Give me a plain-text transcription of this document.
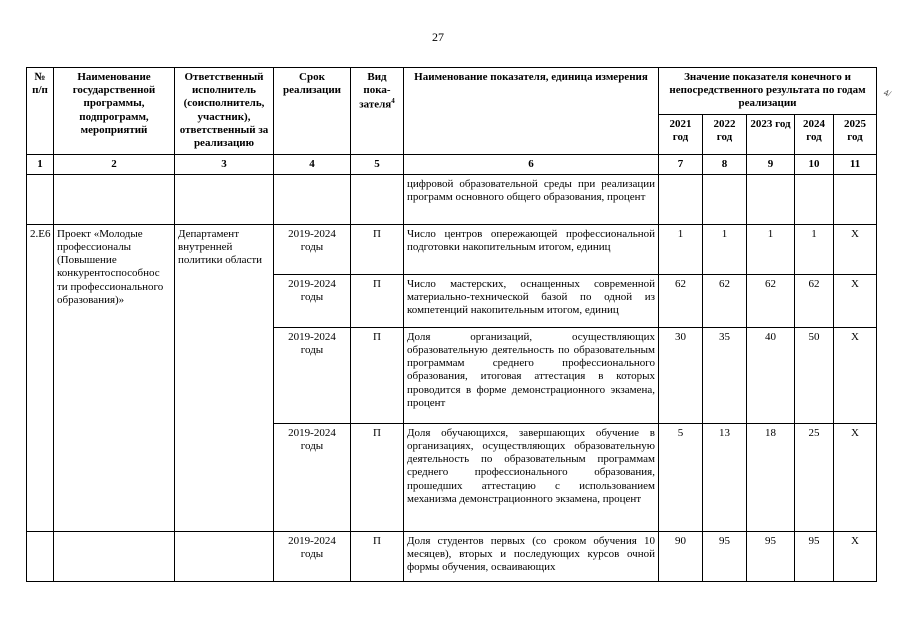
27
4/
№ п/п	Наименование государственной программы, подпрограмм, мероприятий	Ответственный исполнитель (соисполнитель, участник), ответственный за реализацию	Срок реализации	Вид пока-зателя$^4$	Наименование показателя, единица измерения	Значение показателя конечного и непосредственного результата по годам реализации				
						2021 год	2022 год	2023 год	2024 год	2025 год
1	2	3	4	5	6	7	8	9	10	11
					цифровой образовательной среды при реализации программ основного общего образования, процент					
2.Е6	Проект «Молодые профессионалы (Повышение конкурентоспособнос ти профессионального образования)»	Департамент внутренней политики области	2019-2024 годы	П	Число центров опережающей профессиональной подготовки накопительным итогом, единиц	1	1	1	1	Х
			2019-2024 годы	П	Число мастерских, оснащенных современной материально-технической базой по одной из компетенций накопительным итогом, единиц	62	62	62	62	Х
			2019-2024 годы	П	Доля организаций, осуществляющих образовательную деятельность по образовательным программам среднего профессионального образования, итоговая аттестация в которых проводится в форме демонстрационного экзамена, процент	30	35	40	50	Х
			2019-2024 годы	П	Доля обучающихся, завершающих обучение в организациях, осуществляющих образовательную деятельность по образовательным программам среднего профессионального образования, прошедших аттестацию с использованием механизма демонстрационного экзамена, процент	5	13	18	25	Х
			2019-2024 годы	П	Доля студентов первых (со сроком обучения 10 месяцев), вторых и последующих курсов очной формы обучения, осваивающих	90	95	95	95	Х
